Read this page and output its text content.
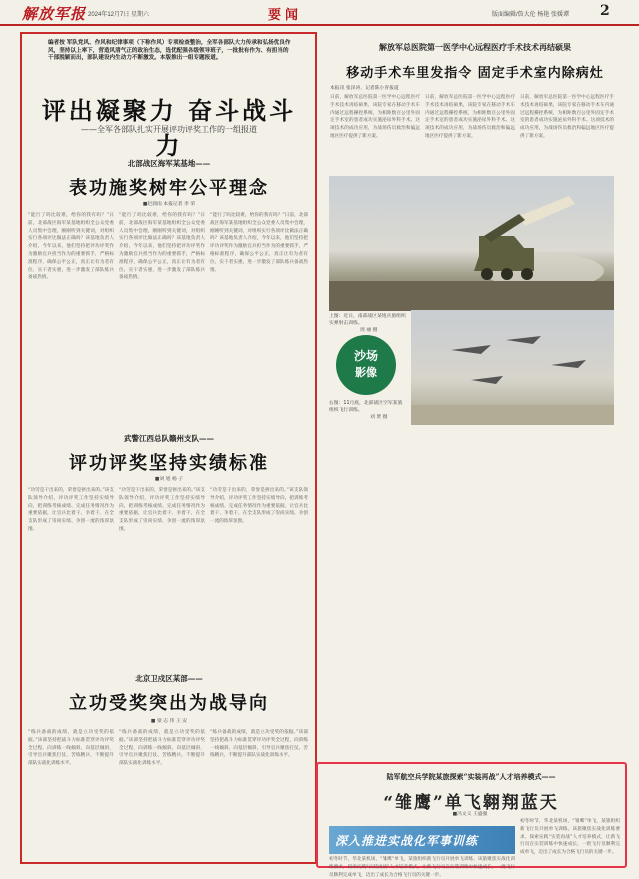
解放军报 2024年12月7日 星期六	要闻	版面编辑/詹大伦 杨艳 张媛谭 2
编者按 军队党风、作风和纪律事项（下称作风）专项检查整治，全军各部队大力传承和弘扬优良作风，坚持以上率下，营造风清气正的政治生态，选优配强各级领导班子，一批批有作为、有担当的干部脱颖而出，部队建设内生动力不断激发。本版推出一组专题报道。
评出凝聚力 奋斗战斗力
——全军各部队扎实开展评功评奖工作的一组报道
北部战区海军某基地——
表功施奖树牢公平理念
■赵润雨 本报记者 李 荣
“能行了吗比较难，给你的我有吗？”日前，北部战区海军某基地组织全公众党委人员集中会理，刚刚听到关键词，对组织实行各项评比做法正确吗？该基地负责人介绍，今年以来，他们坚持把评功评奖作为激励官兵担当作为的重要抓手，严格标准程序，确保公平公正，真正让有为者有位、实干者实惠，进一步激发了部队练兵备战热情。
“能行了吗比较难，给你的我有吗？”日前，北部战区海军某基地组织全公众党委人员集中会理，刚刚听到关键词，对组织实行各项评比做法正确吗？该基地负责人介绍，今年以来，他们坚持把评功评奖作为激励官兵担当作为的重要抓手，严格标准程序，确保公平公正，真正让有为者有位、实干者实惠，进一步激发了部队练兵备战热情。
“能行了吗比较难，给你的我有吗？”日前，北部战区海军某基地组织全公众党委人员集中会理，刚刚听到关键词，对组织实行各项评比做法正确吗？该基地负责人介绍，今年以来，他们坚持把评功评奖作为激励官兵担当作为的重要抓手，严格标准程序，确保公平公正，真正让有为者有位、实干者实惠，进一步激发了部队练兵备战热情。
武警江西总队赣州支队——
评功评奖坚持实绩标准
■刘 旭 杨 子
“功劳是干出来的，荣誉是拼出来的。”该支队领导介绍，评功评奖工作坚持实绩导向，把训练考核成绩、完成任务情况作为重要依据，让官兵比着干、争着干，在全支队形成了崇尚实绩、争创一流的浓厚氛围。
“功劳是干出来的，荣誉是拼出来的。”该支队领导介绍，评功评奖工作坚持实绩导向，把训练考核成绩、完成任务情况作为重要依据，让官兵比着干、争着干，在全支队形成了崇尚实绩、争创一流的浓厚氛围。
“功劳是干出来的，荣誉是拼出来的。”该支队领导介绍，评功评奖工作坚持实绩导向，把训练考核成绩、完成任务情况作为重要依据，让官兵比着干、争着干，在全支队形成了崇尚实绩、争创一流的浓厚氛围。
北京卫戍区某部——
立功受奖突出为战导向
■ 梁 志 伟 王 安
“练兵备战的成绩，就是立功受奖的依据。”该部坚持把战斗力标准贯穿评功评奖全过程，向训练一线倾斜、向基层倾斜，引导官兵聚焦打仗、苦练精兵，不断提升部队实战化训练水平。
“练兵备战的成绩，就是立功受奖的依据。”该部坚持把战斗力标准贯穿评功评奖全过程，向训练一线倾斜、向基层倾斜，引导官兵聚焦打仗、苦练精兵，不断提升部队实战化训练水平。
“练兵备战的成绩，就是立功受奖的依据。”该部坚持把战斗力标准贯穿评功评奖全过程，向训练一线倾斜、向基层倾斜，引导官兵聚焦打仗、苦练精兵，不断提升部队实战化训练水平。
解放军总医院第一医学中心远程医疗手术技术再结硕果
移动手术车里发指令 固定手术室内除病灶
本报讯 张泽涛、记者陈小青报道
日前，解放军总医院第一医学中心远程医疗手术技术再结硕果，该院专家在移动手术车内通过远程操控系统，为相距数百公里外固定手术室的患者成功实施泌尿外科手术。这项技术的成功应用，为战场伤员救治和偏远地区医疗提供了新方案。
日前，解放军总医院第一医学中心远程医疗手术技术再结硕果，该院专家在移动手术车内通过远程操控系统，为相距数百公里外固定手术室的患者成功实施泌尿外科手术。这项技术的成功应用，为战场伤员救治和偏远地区医疗提供了新方案。
日前，解放军总医院第一医学中心远程医疗手术技术再结硕果，该院专家在移动手术车内通过远程操控系统，为相距数百公里外固定手术室的患者成功实施泌尿外科手术。这项技术的成功应用，为战场伤员救治和偏远地区医疗提供了新方案。
上图：近日，南部战区某炮兵旅组织实弹射击训练。
周 丽 摄
沙场
影像
右图：11月底，北部战区空军某旅组织飞行训练。
刘 贤 摄
陆军航空兵学院某旅探索“实装再战”人才培养模式——
“雏鹰”单飞翱翔蓝天
■冯文义 王盛强
深入推进实战化军事训练
初冬时节，华北某机场，“雏鹰”单飞，某旅组织新飞行员开展单飞训练。该旅聚焦实战化训练要求，探索实践“实装再战”人才培养模式，让新飞行员在实装训练中快速成长，一批飞行员顺利完成单飞，迈出了成长为合格飞行员的关键一步。
初冬时节，华北某机场，“雏鹰”单飞，某旅组织新飞行员开展单飞训练。该旅聚焦实战化训练要求，探索实践“实装再战”人才培养模式，让新飞行员在实装训练中快速成长，一批飞行员顺利完成单飞，迈出了成长为合格飞行员的关键一步。
